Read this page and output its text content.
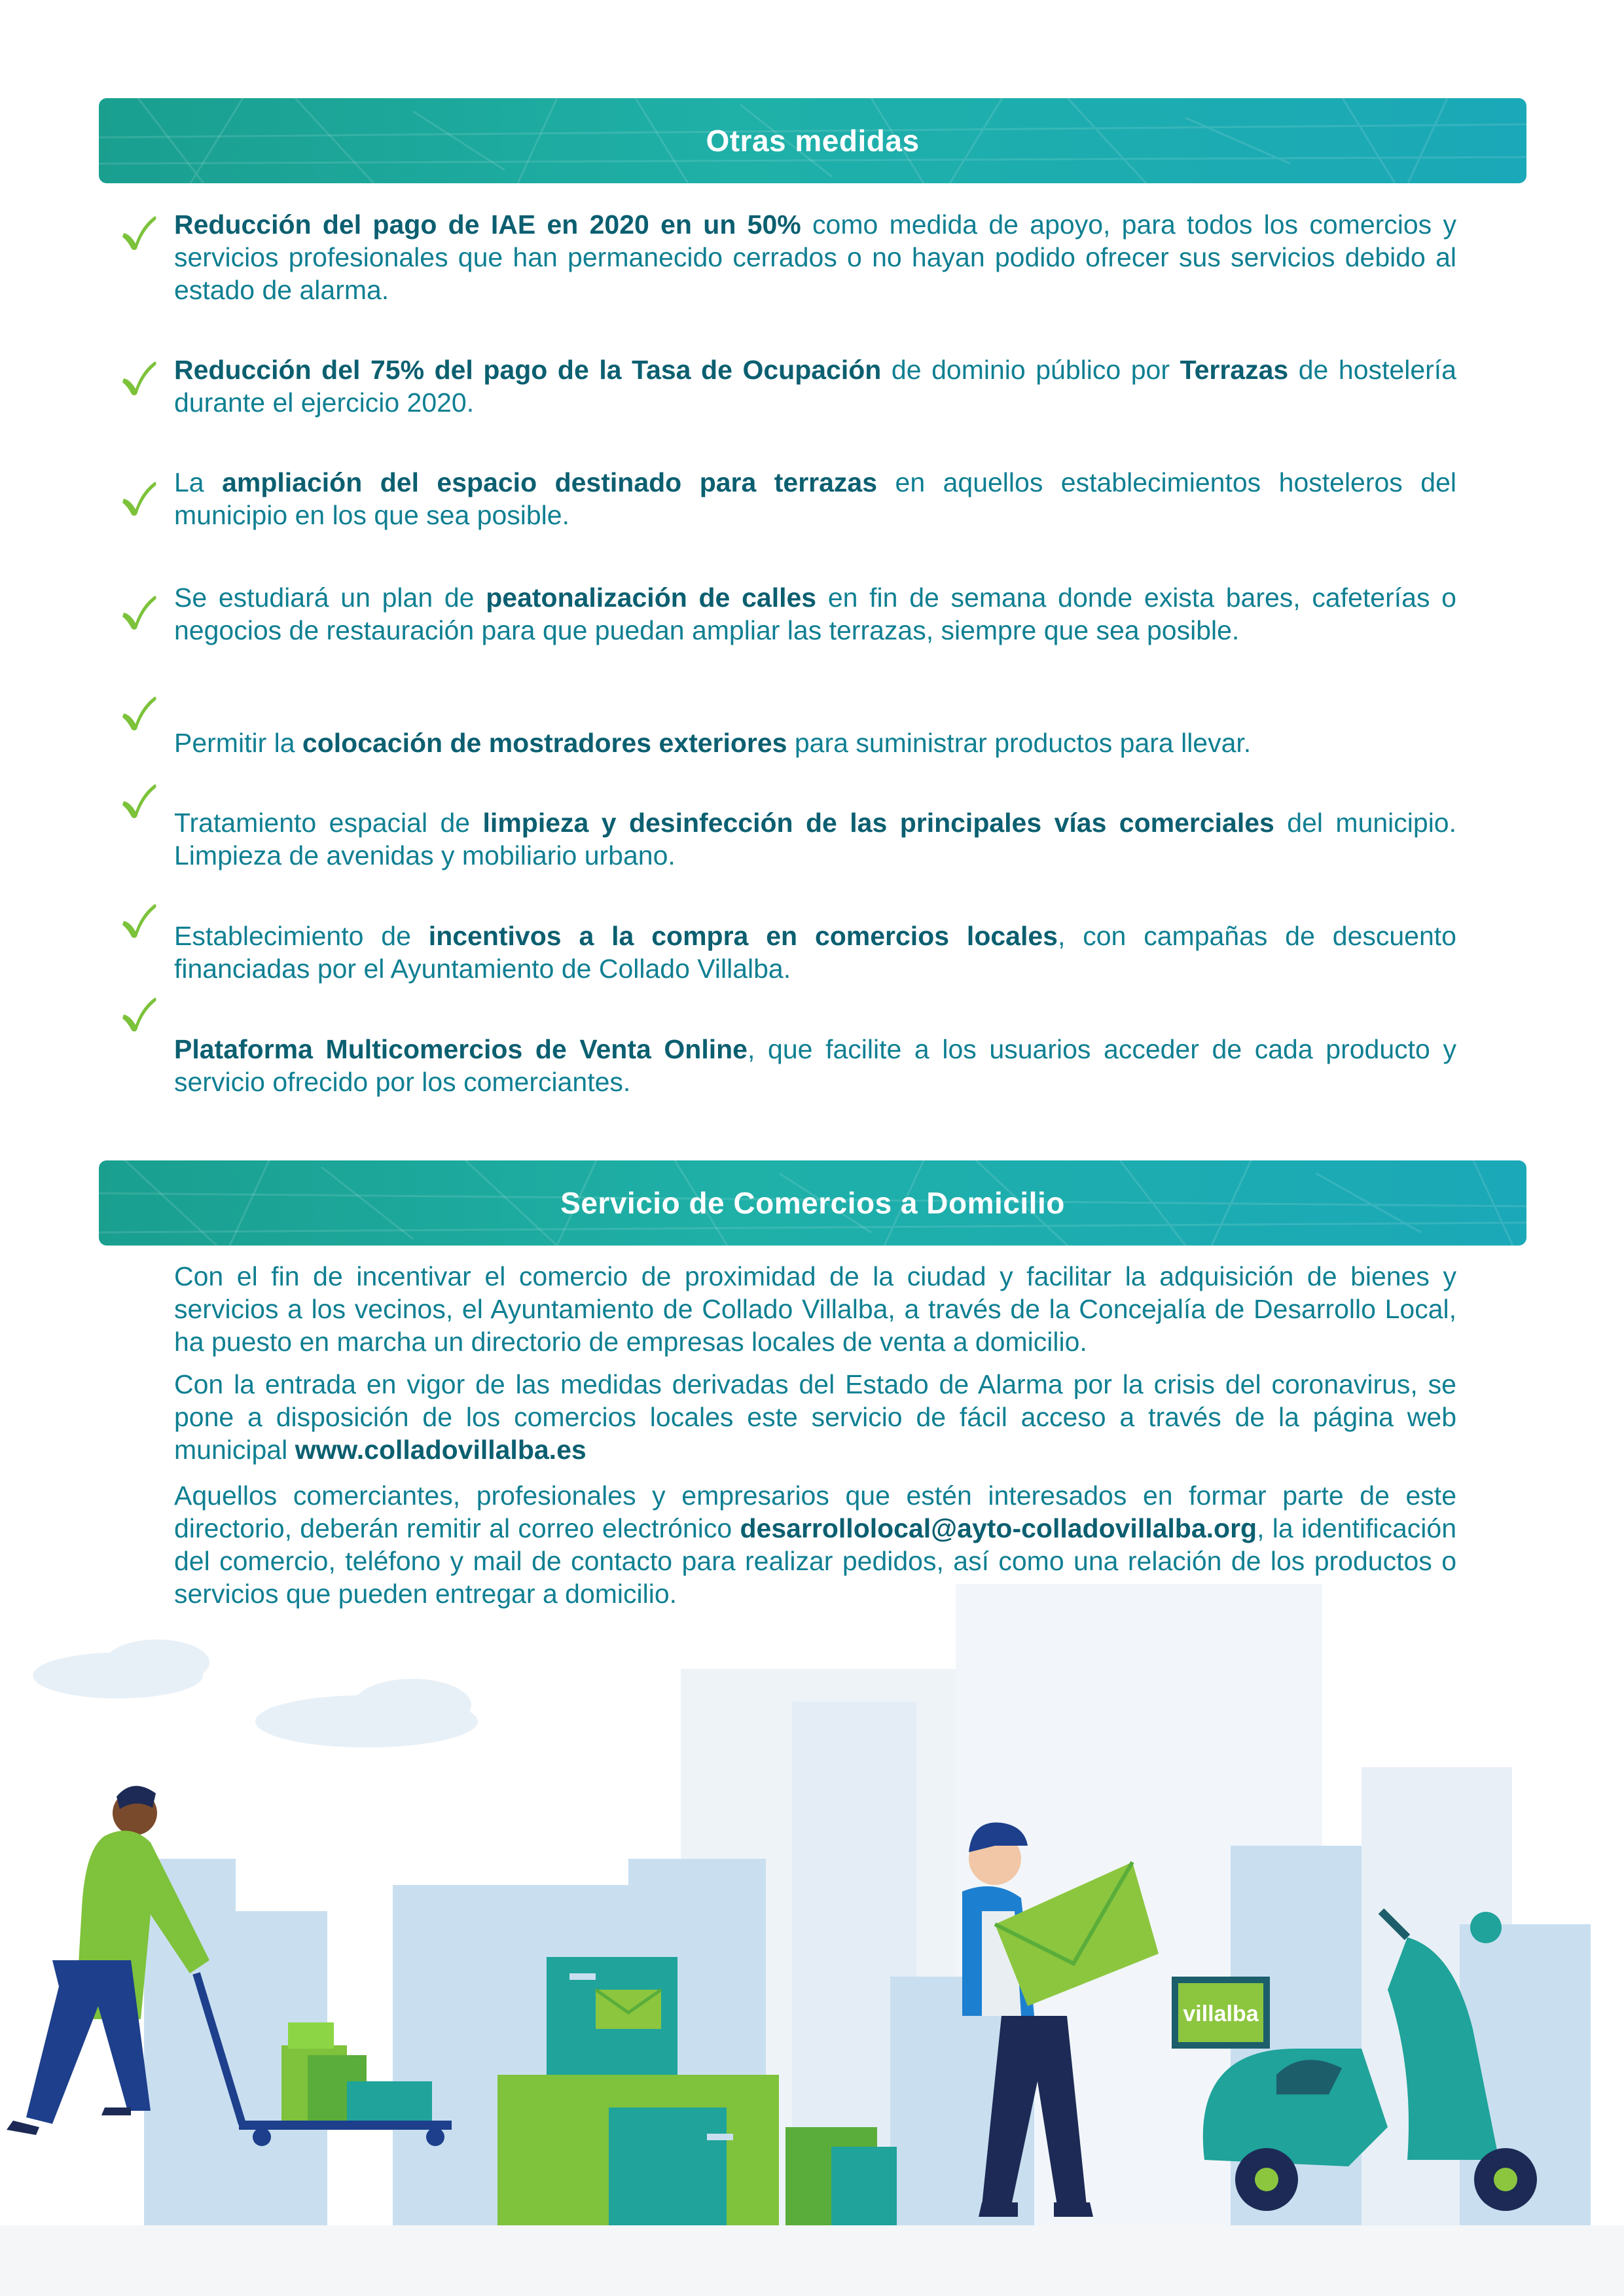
Otras medidas
Reducción del pago de IAE en 2020 en un 50% como medida de apoyo, para todos los comercios y servicios profesionales que han permanecido cerrados o no hayan podido ofrecer sus servicios debido al estado de alarma.
Reducción del 75% del pago de la Tasa de Ocupación de dominio público por Terrazas de hostelería durante el ejercicio 2020.
La ampliación del espacio destinado para terrazas en aquellos establecimientos hosteleros del municipio en los que sea posible.
Se estudiará un plan de peatonalización de calles en fin de semana donde exista bares, cafeterías o negocios de restauración para que puedan ampliar las terrazas, siempre que sea posible.
Permitir la colocación de mostradores exteriores para suministrar productos para llevar.
Tratamiento espacial de limpieza y desinfección de las principales vías comerciales del municipio. Limpieza de avenidas y mobiliario urbano.
Establecimiento de incentivos a la compra en comercios locales, con campañas de descuento financiadas por el Ayuntamiento de Collado Villalba.
Plataforma Multicomercios de Venta Online, que facilite a los usuarios acceder de cada producto y servicio ofrecido por los comerciantes.
Servicio de Comercios a Domicilio
Con el fin de incentivar el comercio de proximidad de la ciudad y facilitar la adquisición de bienes y servicios a los vecinos, el Ayuntamiento de Collado Villalba, a través de la Concejalía de Desarrollo Local, ha puesto en marcha un directorio de empresas locales de venta a domicilio.
Con la entrada en vigor de las medidas derivadas del Estado de Alarma por la crisis del coronavirus, se pone a disposición de los comercios locales este servicio de fácil acceso a través de la página web municipal www.colladovillalba.es
Aquellos comerciantes, profesionales y empresarios que estén interesados en formar parte de este directorio, deberán remitir al correo electrónico desarrollolocal@ayto-colladovillalba.org, la identificación del comercio, teléfono y mail de contacto para realizar pedidos, así como una relación de los productos o servicios que pueden entregar a domicilio.
villalba
